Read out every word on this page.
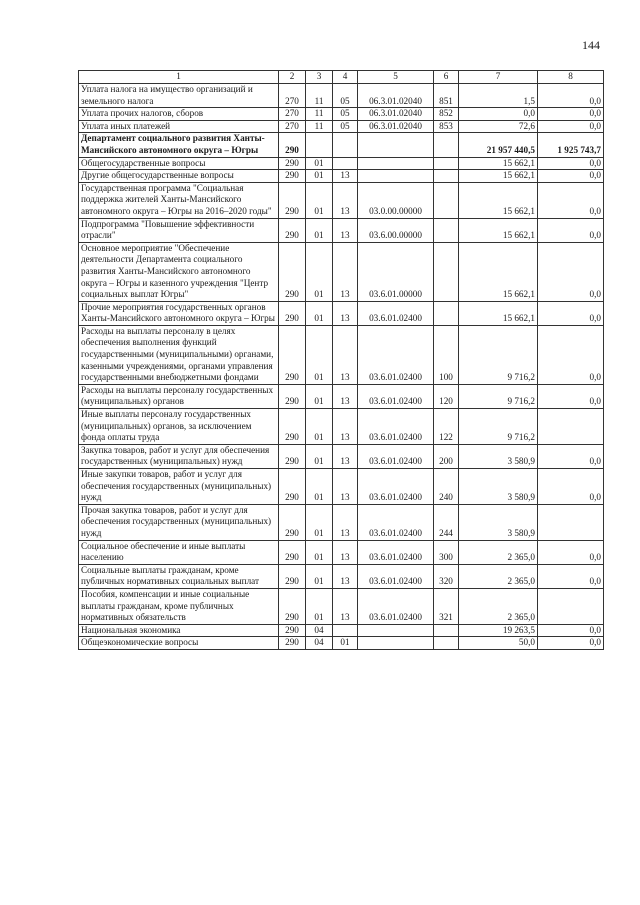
144
1	2	3	4	5	6	7	8
Уплата налога на имущество организаций и земельного налога	270	11	05	06.3.01.02040	851	1,5	0,0
Уплата прочих налогов, сборов	270	11	05	06.3.01.02040	852	0,0	0,0
Уплата иных платежей	270	11	05	06.3.01.02040	853	72,6	0,0
Департамент социального развития Ханты-Мансийского автономного округа – Югры	290					21 957 440,5	1 925 743,7
Общегосударственные вопросы	290	01				15 662,1	0,0
Другие общегосударственные вопросы	290	01	13			15 662,1	0,0
Государственная программа "Социальная поддержка жителей Ханты-Мансийского автономного округа – Югры на 2016–2020 годы"	290	01	13	03.0.00.00000		15 662,1	0,0
Подпрограмма "Повышение эффективности отрасли"	290	01	13	03.6.00.00000		15 662,1	0,0
Основное мероприятие "Обеспечение деятельности Департамента социального развития Ханты-Мансийского автономного округа – Югры и казенного учреждения "Центр социальных выплат Югры"	290	01	13	03.6.01.00000		15 662,1	0,0
Прочие мероприятия государственных органов Ханты-Мансийского автономного округа – Югры	290	01	13	03.6.01.02400		15 662,1	0,0
Расходы на выплаты персоналу в целях обеспечения выполнения функций государственными (муниципальными) органами, казенными учреждениями, органами управления государственными внебюджетными фондами	290	01	13	03.6.01.02400	100	9 716,2	0,0
Расходы на выплаты персоналу государственных (муниципальных) органов	290	01	13	03.6.01.02400	120	9 716,2	0,0
Иные выплаты персоналу государственных (муниципальных) органов, за исключением фонда оплаты труда	290	01	13	03.6.01.02400	122	9 716,2	
Закупка товаров, работ и услуг для обеспечения государственных (муниципальных) нужд	290	01	13	03.6.01.02400	200	3 580,9	0,0
Иные закупки товаров, работ и услуг для обеспечения государственных (муниципальных) нужд	290	01	13	03.6.01.02400	240	3 580,9	0,0
Прочая закупка товаров, работ и услуг для обеспечения государственных (муниципальных) нужд	290	01	13	03.6.01.02400	244	3 580,9	
Социальное обеспечение и иные выплаты населению	290	01	13	03.6.01.02400	300	2 365,0	0,0
Социальные выплаты гражданам, кроме публичных нормативных социальных выплат	290	01	13	03.6.01.02400	320	2 365,0	0,0
Пособия, компенсации и иные социальные выплаты гражданам, кроме публичных нормативных обязательств	290	01	13	03.6.01.02400	321	2 365,0	
Национальная экономика	290	04				19 263,5	0,0
Общеэкономические вопросы	290	04	01			50,0	0,0
